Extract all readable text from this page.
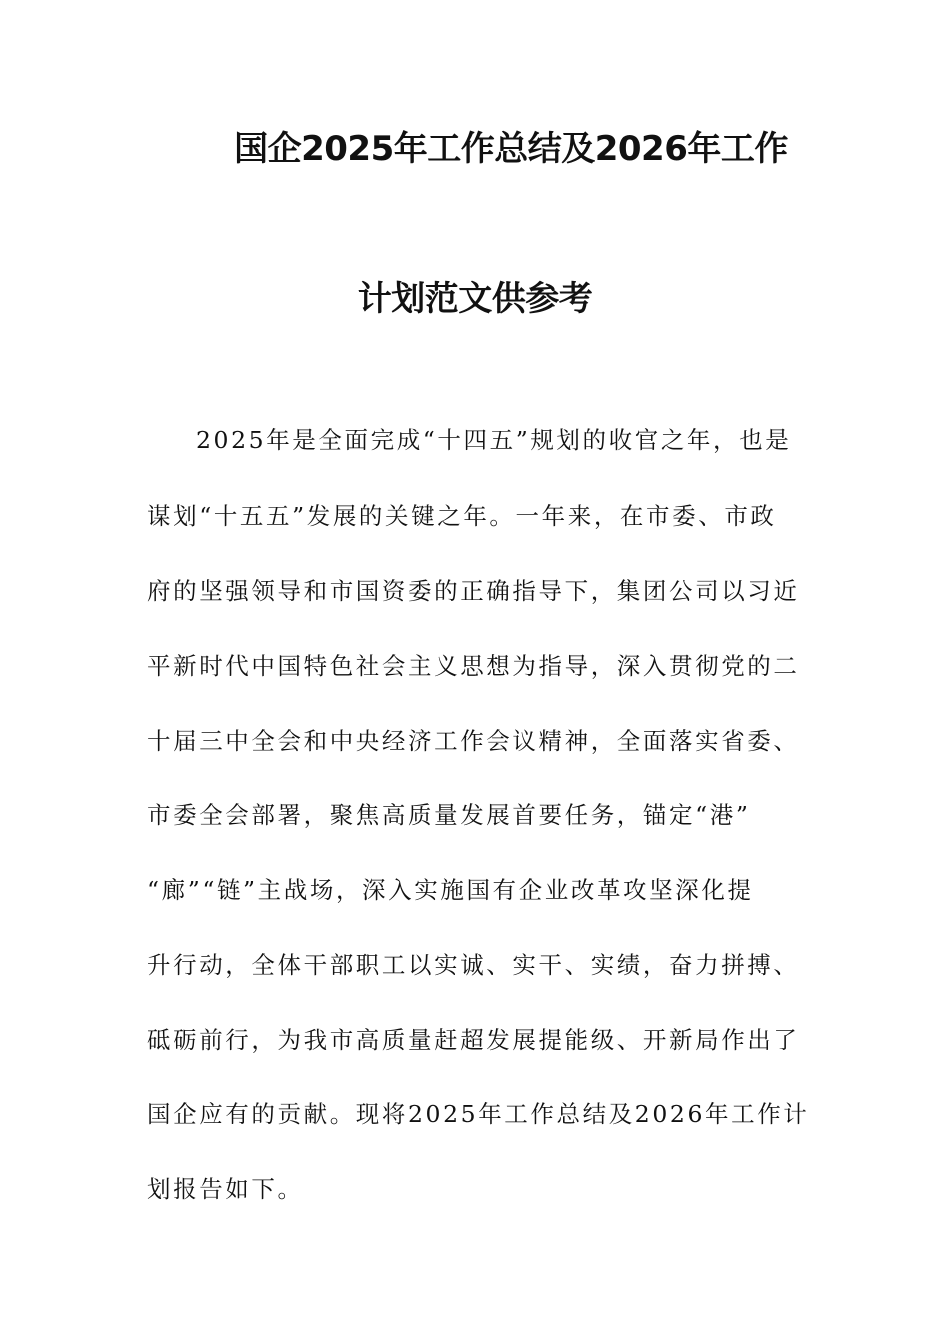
国企2025年工作总结及2026年工作
计划范文供参考
2025年是全面完成“十四五”规划的收官之年，也是
谋划“十五五”发展的关键之年。一年来，在市委、市政
府的坚强领导和市国资委的正确指导下，集团公司以习近
平新时代中国特色社会主义思想为指导，深入贯彻党的二
十届三中全会和中央经济工作会议精神，全面落实省委、
市委全会部署，聚焦高质量发展首要任务，锚定“港”
“廊”“链”主战场，深入实施国有企业改革攻坚深化提
升行动，全体干部职工以实诚、实干、实绩，奋力拼搏、
砥砺前行，为我市高质量赶超发展提能级、开新局作出了
国企应有的贡献。现将2025年工作总结及2026年工作计
划报告如下。
